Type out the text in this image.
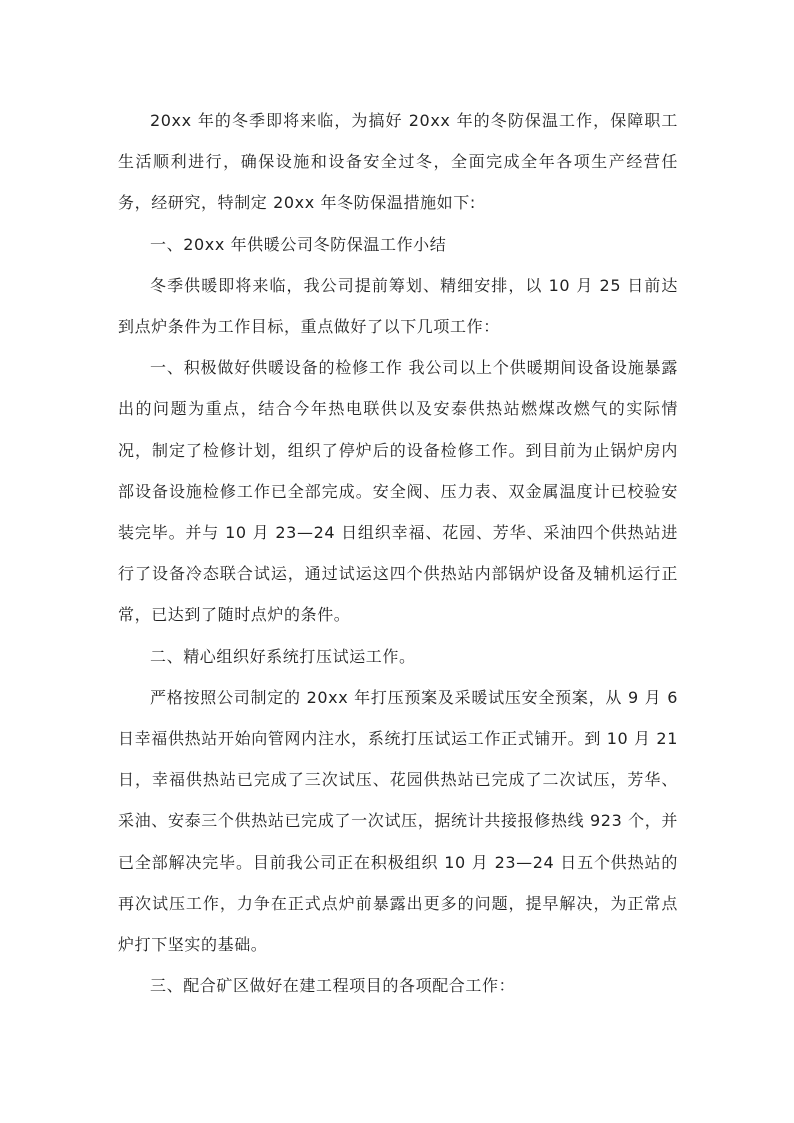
20xx 年的冬季即将来临，为搞好 20xx 年的冬防保温工作，保障职工生活顺利进行，确保设施和设备安全过冬，全面完成全年各项生产经营任务，经研究，特制定 20xx 年冬防保温措施如下:

一、20xx 年供暖公司冬防保温工作小结

冬季供暖即将来临，我公司提前筹划、精细安排，以 10 月 25 日前达到点炉条件为工作目标，重点做好了以下几项工作：

一、积极做好供暖设备的检修工作 我公司以上个供暖期间设备设施暴露出的问题为重点，结合今年热电联供以及安泰供热站燃煤改燃气的实际情况，制定了检修计划，组织了停炉后的设备检修工作。到目前为止锅炉房内部设备设施检修工作已全部完成。安全阀、压力表、双金属温度计已校验安装完毕。并与 10 月 23—24 日组织幸福、花园、芳华、采油四个供热站进行了设备冷态联合试运，通过试运这四个供热站内部锅炉设备及辅机运行正常，已达到了随时点炉的条件。

二、精心组织好系统打压试运工作。

严格按照公司制定的 20xx 年打压预案及采暖试压安全预案，从 9 月 6 日幸福供热站开始向管网内注水，系统打压试运工作正式铺开。到 10 月 21 日，幸福供热站已完成了三次试压、花园供热站已完成了二次试压，芳华、采油、安泰三个供热站已完成了一次试压，据统计共接报修热线 923 个，并已全部解决完毕。目前我公司正在积极组织 10 月 23—24 日五个供热站的再次试压工作，力争在正式点炉前暴露出更多的问题，提早解决，为正常点炉打下坚实的基础。

三、配合矿区做好在建工程项目的各项配合工作：
